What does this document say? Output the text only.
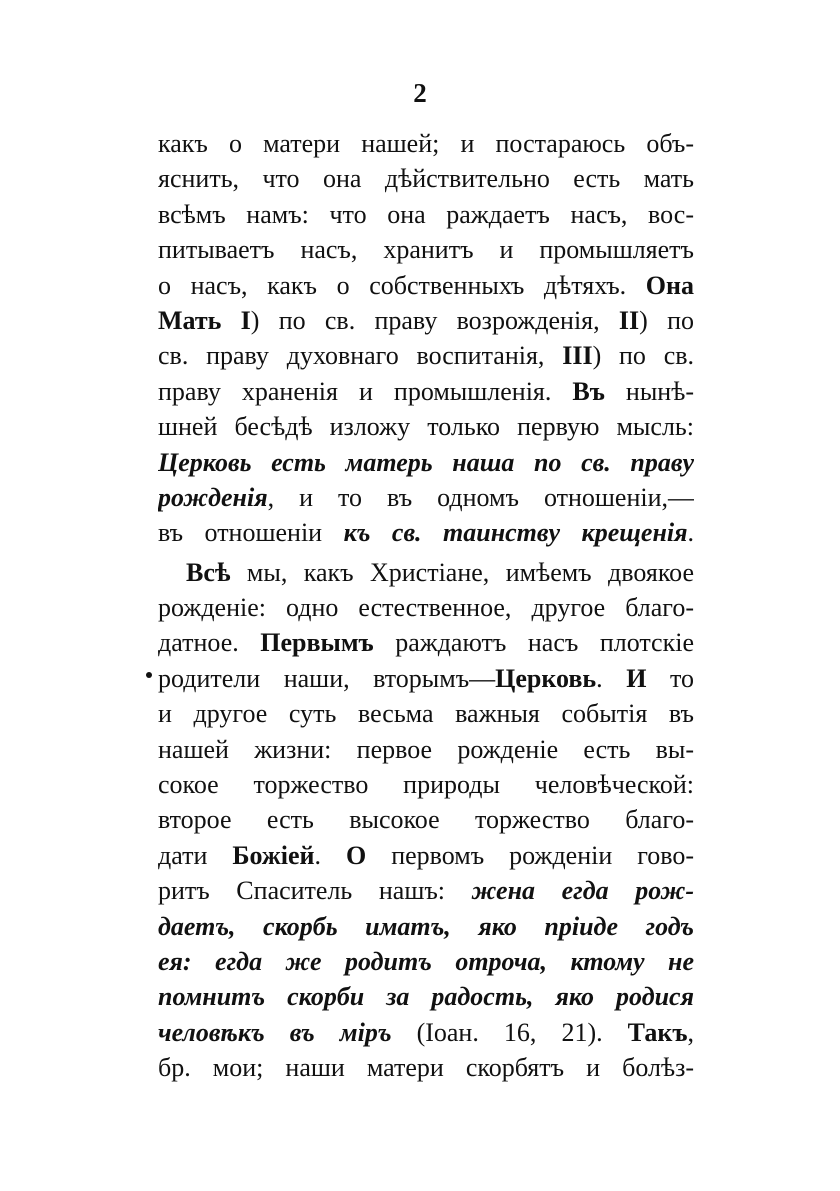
2
какъ о матери нашей; и постараюсь объ-
яснить, что она дѣйствительно есть мать
всѣмъ намъ: что она раждаетъ насъ, вос-
питываетъ насъ, хранитъ и промышляетъ
о насъ, какъ о собственныхъ дѣтяхъ. Она
Мать I) по св. праву возрожденія, II) по
св. праву духовнаго воспитанія, III) по св.
праву храненія и промышленія. Въ нынѣ-
шней бесѣдѣ изложу только первую мысль:
Церковь есть матерь наша по св. праву
рожденія, и то въ одномъ отношеніи,—
въ отношеніи къ св. таинству крещенія.
Всѣ мы, какъ Христіане, имѣемъ двоякое
рожденіе: одно естественное, другое благо-
датное. Первымъ раждаютъ насъ плотскіе
родители наши, вторымъ—Церковь. И то
и другое суть весьма важныя событія въ
нашей жизни: первое рожденіе есть вы-
сокое торжество природы человѣческой:
второе есть высокое торжество благо-
дати Божіей. О первомъ рожденіи гово-
ритъ Спаситель нашъ: жена егда рож-
даетъ, скорбь иматъ, яко пріиде годъ
ея: егда же родитъ отроча, ктому не
помнитъ скорби за радость, яко родися
человѣкъ въ міръ (Іоан. 16, 21). Такъ,
бр. мои; наши матери скорбятъ и болѣз-
